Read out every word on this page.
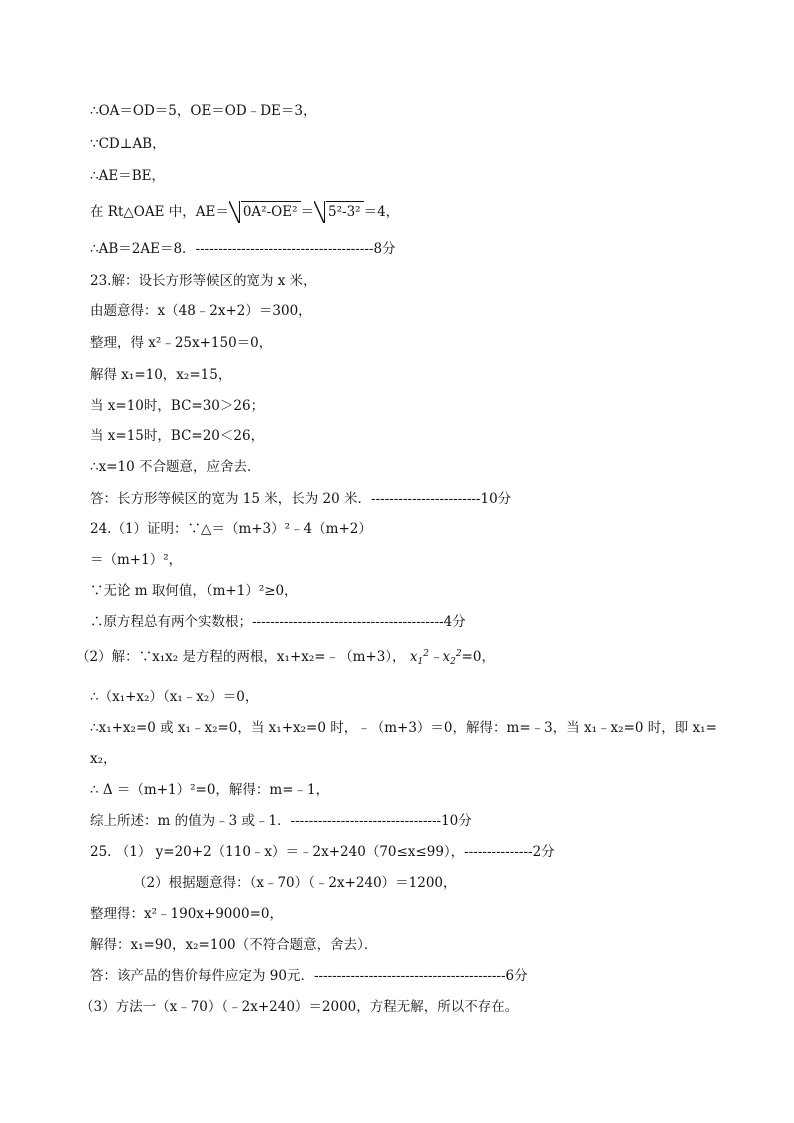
∴OA＝OD＝5，OE＝OD﹣DE＝3，
∵CD⊥AB，
∴AE＝BE，
在 Rt△OAE 中，AE＝ 0A²-OE² ＝ 5²-3² ＝4，
∴AB＝2AE＝8．---------------------------------------8分
23.解：设长方形等候区的宽为 x 米，
由题意得：x（48﹣2x+2）＝300，
整理，得 x²﹣25x+150＝0，
解得 x₁=10，x₂=15，
当 x=10时，BC=30＞26；
当 x=15时，BC=20＜26，
∴x=10 不合题意，应舍去．
答：长方形等候区的宽为 15 米，长为 20 米．------------------------10分
24.（1）证明：∵△＝（m+3）²﹣4（m+2）
＝（m+1）²，
∵无论 m 取何值，（m+1）²≥0，
∴原方程总有两个实数根；------------------------------------------4分
（2）解：∵x₁x₂ 是方程的两根，x₁+x₂=﹣（m+3）， $x_1^2﹣x_2^2=0$，
∴（x₁+x₂）（x₁﹣x₂）＝0，
∴x₁+x₂=0 或 x₁﹣x₂=0，当 x₁+x₂=0 时，﹣（m+3）＝0，解得：m=﹣3，当 x₁﹣x₂=0 时，即 x₁=
x₂，
∴ Δ ＝（m+1）²=0，解得：m=﹣1，
综上所述：m 的值为﹣3 或﹣1．---------------------------------10分
25. （1） y=20+2（110﹣x）＝﹣2x+240（70≤x≤99），---------------2分
（2）根据题意得：（x﹣70）（﹣2x+240）＝1200，
整理得：x²﹣190x+9000=0，
解得：x₁=90，x₂=100（不符合题意，舍去）．
答：该产品的售价每件应定为 90元．------------------------------------------6分
（3）方法一（x﹣70）（﹣2x+240）＝2000，方程无解，所以不存在。
